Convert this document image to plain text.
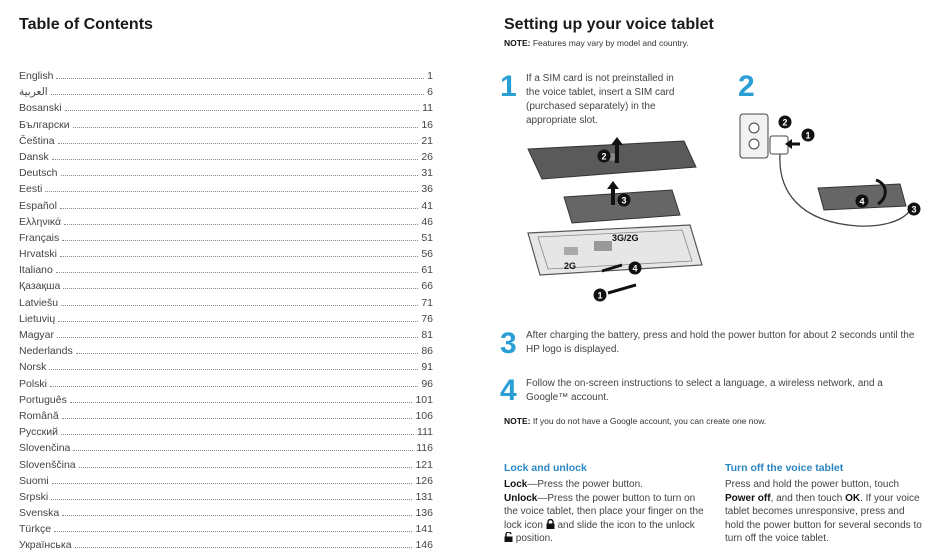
Table of Contents
English	1
العربية	6
Bosanski	11
Български	16
Čeština	21
Dansk	26
Deutsch	31
Eesti	36
Español	41
Ελληνικά	46
Français	51
Hrvatski	56
Italiano	61
Қазақша	66
Latviešu	71
Lietuvių	76
Magyar	81
Nederlands	86
Norsk	91
Polski	96
Português	101
Română	106
Русский	111
Slovenčina	116
Slovenščina	121
Suomi	126
Srpski	131
Svenska	136
Türkçe	141
Українська	146
Setting up your voice tablet
NOTE: Features may vary by model and country.
1 If a SIM card is not preinstalled in the voice tablet, insert a SIM card (purchased separately) in the appropriate slot.
2
3
4
1
3G/2G
2G
2
2
1
4
3
3 After charging the battery, press and hold the power button for about 2 seconds until the HP logo is displayed.
4 Follow the on-screen instructions to select a language, a wireless network, and a Google™ account.
NOTE: If you do not have a Google account, you can create one now.
Lock and unlock

Lock—Press the power button.

Unlock—Press the power button to turn on the voice tablet, then place your finger on the lock icon  and slide the icon to the unlock  position.

Turn off the voice tablet

Press and hold the power button, touch Power off, and then touch OK. If your voice tablet becomes unresponsive, press and hold the power button for several seconds to turn off the voice tablet.
